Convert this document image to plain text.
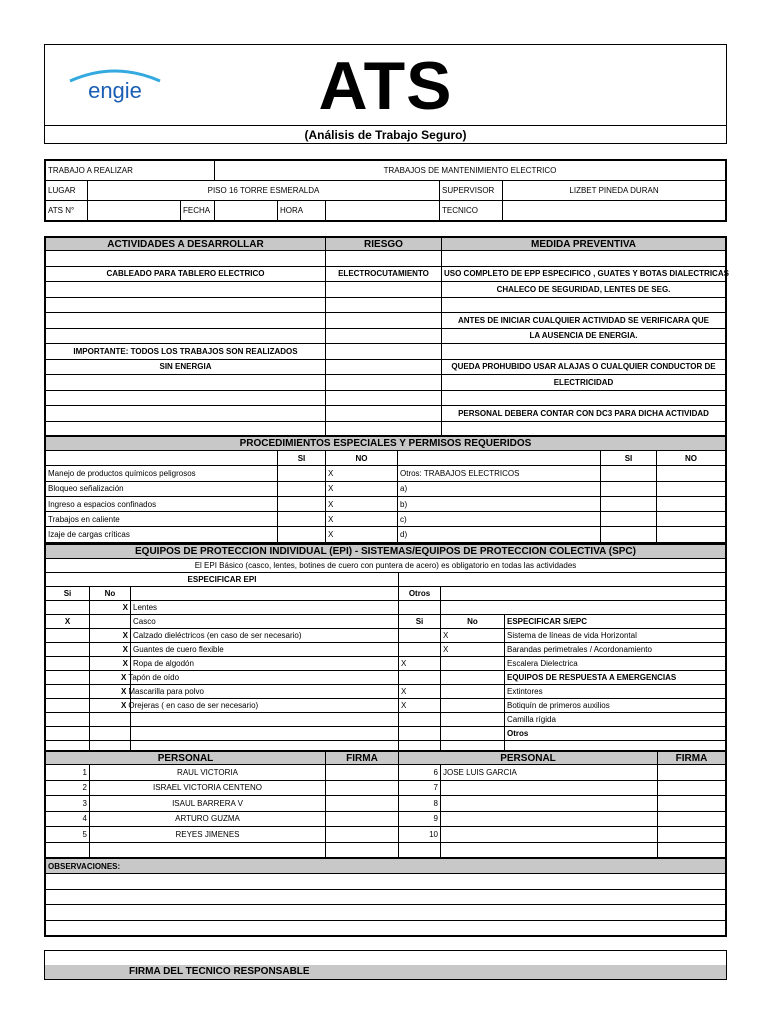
engie	ATS
(Análisis de Trabajo Seguro)
TRABAJO A REALIZAR			TRABAJOS DE MANTENIMIENTO ELECTRICO				
LUGAR	PISO 16 TORRE ESMERALDA					SUPERVISOR	LIZBET PINEDA DURAN
ATS N°		FECHA		HORA		TECNICO	
ACTIVIDADES A DESARROLLAR	RIESGO	MEDIDA PREVENTIVA

CABLEADO PARA TABLERO ELECTRICO	ELECTROCUTAMIENTO	USO COMPLETO DE EPP ESPECIFICO , GUATES Y BOTAS DIALECTRICAS
		CHALECO DE SEGURIDAD, LENTES DE SEG.

		ANTES DE INICIAR CUALQUIER ACTIVIDAD SE VERIFICARA QUE
		LA AUSENCIA DE ENERGIA.
IMPORTANTE: TODOS LOS TRABAJOS SON REALIZADOS		
SIN ENERGIA		QUEDA PROHUBIDO USAR ALAJAS O CUALQUIER CONDUCTOR DE
		ELECTRICIDAD

		PERSONAL DEBERA CONTAR CON DC3 PARA DICHA ACTIVIDAD

PROCEDIMIENTOS ESPECIALES Y PERMISOS REQUERIDOS					
	SI	NO		SI	NO
Manejo de productos químicos peligrosos		X	Otros: TRABAJOS ELECTRICOS		
Bloqueo señalización		X	a)		
Ingreso a espacios confinados		X	b)		
Trabajos en caliente		X	c)		
Izaje de cargas críticas		X	d)		
EQUIPOS DE PROTECCION INDIVIDUAL (EPI) - SISTEMAS/EQUIPOS DE PROTECCION COLECTIVA (SPC)					
El EPI Básico (casco, lentes, botines de cuero con puntera de acero) es obligatorio en todas las actividades					
ESPECIFICAR EPI					
Si	No		Otros		
	X	Lentes			
X		Casco	Si	No	ESPECIFICAR S/EPC
	X	Calzado dieléctricos (en caso de ser necesario)		X	Sistema de líneas de vida Horizontal
	X	Guantes de cuero flexible		X	Barandas perimetrales / Acordonamiento
	X	Ropa de algodón	X		Escalera Dielectrica
		X Tapón de oído			EQUIPOS DE RESPUESTA A EMERGENCIAS
		X Mascarilla para polvo	X		Extintores
		X Orejeras ( en caso de ser necesario)	X		Botiquín de primeros auxilios
					Camilla rígida
					Otros

PERSONAL		FIRMA	PERSONAL		FIRMA
1	RAUL VICTORIA		6	JOSE LUIS GARCIA	
2	ISRAEL VICTORIA CENTENO		7		
3	ISAUL BARRERA V		8		
4	ARTURO GUZMA		9		
5	REYES JIMENES		10		

OBSERVACIONES:

FIRMA DEL TECNICO RESPONSABLE
